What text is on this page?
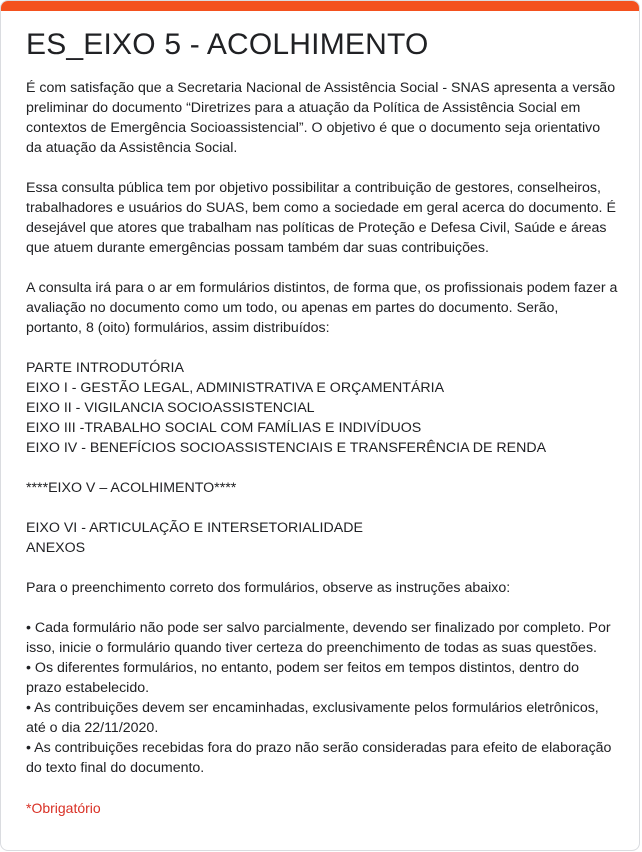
ES_EIXO 5 - ACOLHIMENTO

É com satisfação que a Secretaria Nacional de Assistência Social - SNAS apresenta a versão preliminar do documento “Diretrizes para a atuação da Política de Assistência Social em contextos de Emergência Socioassistencial”. O objetivo é que o documento seja orientativo da atuação da Assistência Social.

Essa consulta pública tem por objetivo possibilitar a contribuição de gestores, conselheiros, trabalhadores e usuários do SUAS, bem como a sociedade em geral acerca do documento. É desejável que atores que trabalham nas políticas de Proteção e Defesa Civil, Saúde e áreas que atuem durante emergências possam também dar suas contribuições.

A consulta irá para o ar em formulários distintos, de forma que, os profissionais podem fazer a avaliação no documento como um todo, ou apenas em partes do documento. Serão, portanto, 8 (oito) formulários, assim distribuídos:

PARTE INTRODUTÓRIA
EIXO I - GESTÃO LEGAL, ADMINISTRATIVA E ORÇAMENTÁRIA
EIXO II - VIGILANCIA SOCIOASSISTENCIAL
EIXO III -TRABALHO SOCIAL COM FAMÍLIAS E INDIVÍDUOS
EIXO IV - BENEFÍCIOS SOCIOASSISTENCIAIS E TRANSFERÊNCIA DE RENDA

****EIXO V – ACOLHIMENTO****

EIXO VI - ARTICULAÇÃO E INTERSETORIALIDADE
ANEXOS

Para o preenchimento correto dos formulários, observe as instruções abaixo:

• Cada formulário não pode ser salvo parcialmente, devendo ser finalizado por completo. Por isso, inicie o formulário quando tiver certeza do preenchimento de todas as suas questões.
• Os diferentes formulários, no entanto, podem ser feitos em tempos distintos, dentro do prazo estabelecido.
• As contribuições devem ser encaminhadas, exclusivamente pelos formulários eletrônicos, até o dia 22/11/2020.
• As contribuições recebidas fora do prazo não serão consideradas para efeito de elaboração do texto final do documento.

*Obrigatório
